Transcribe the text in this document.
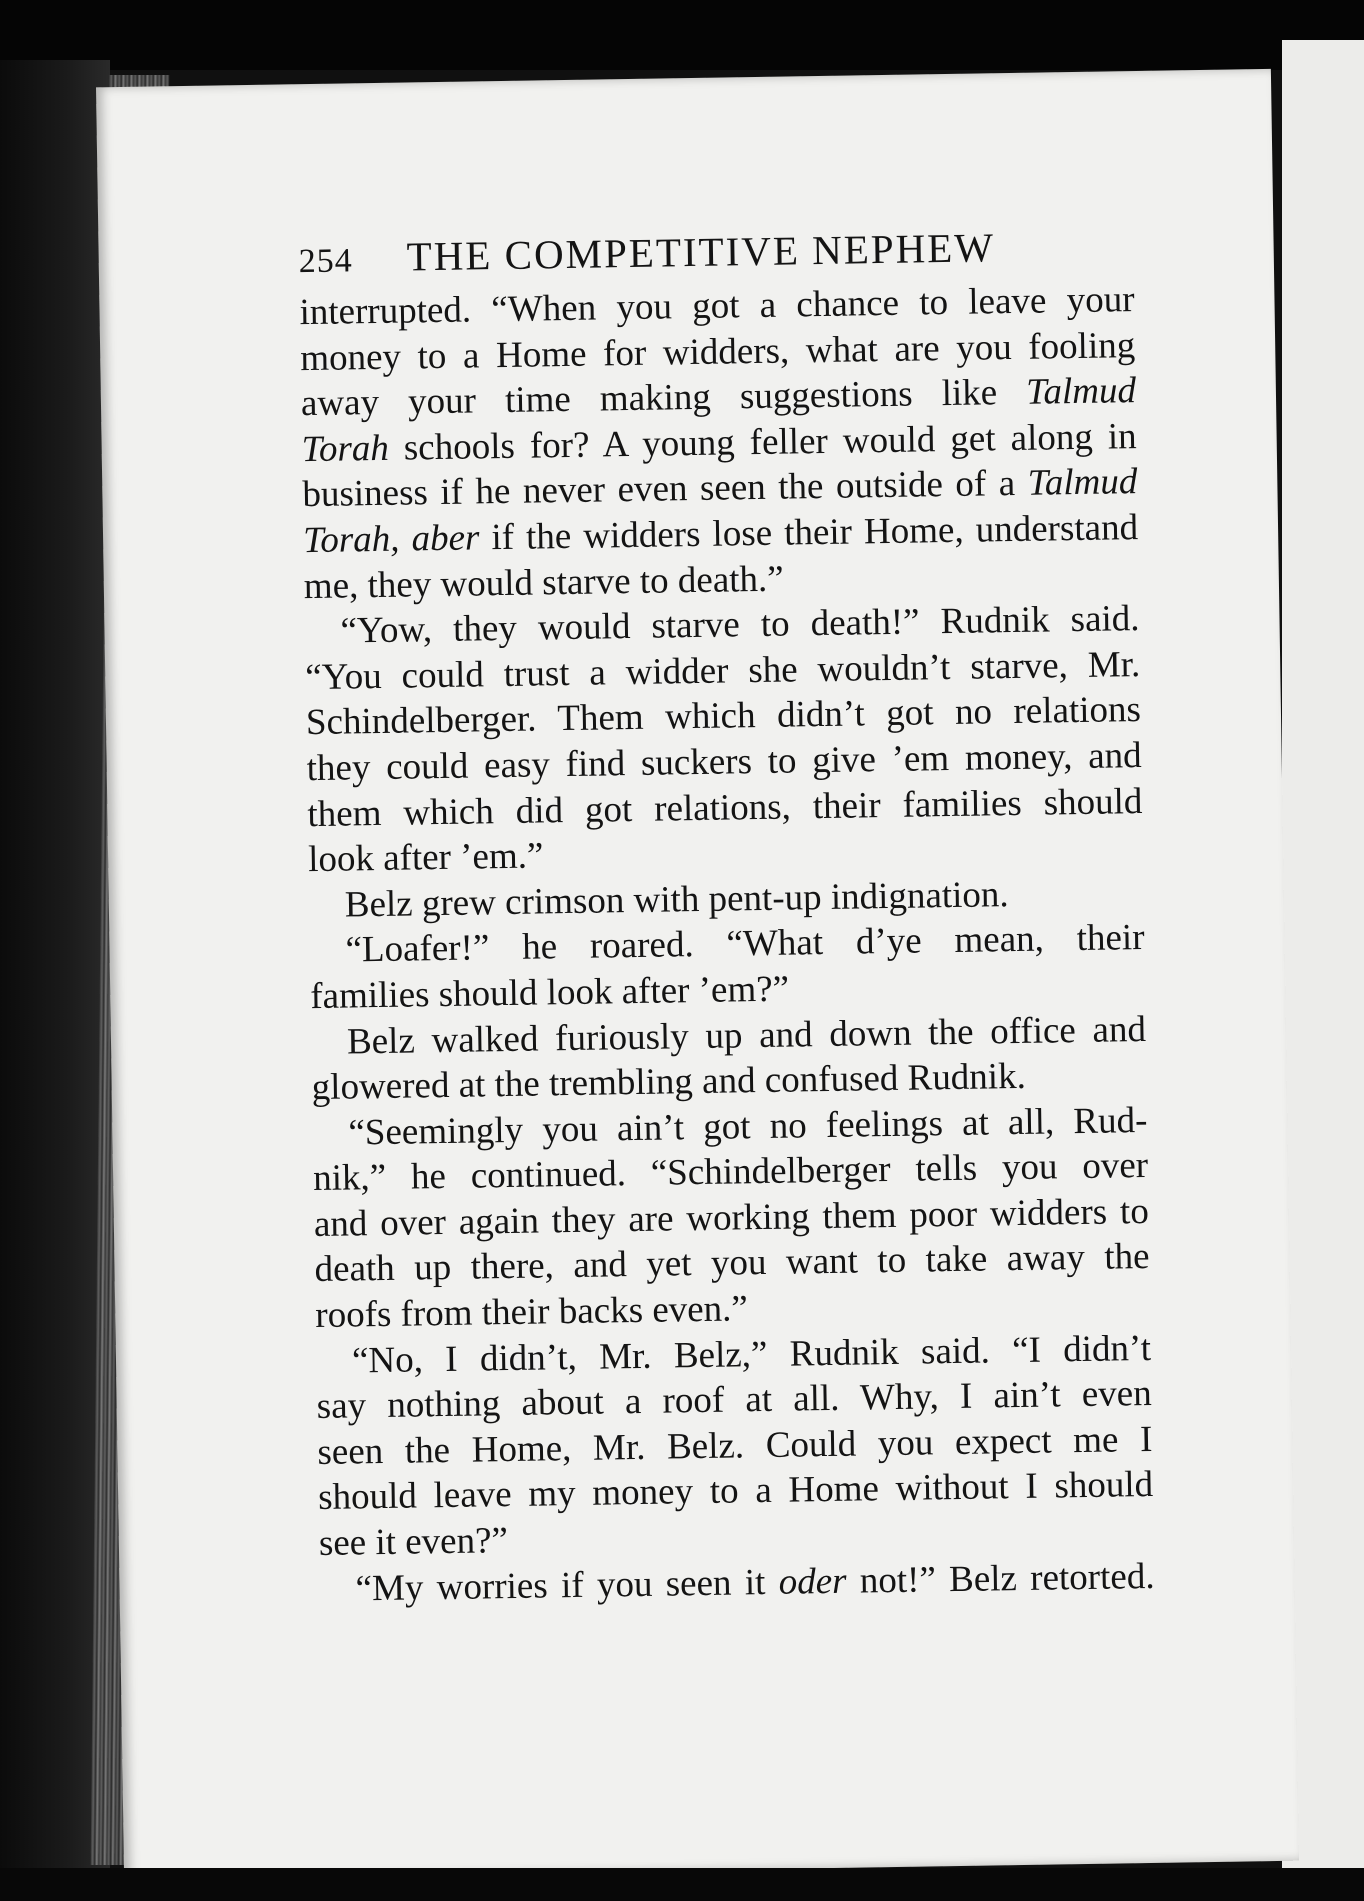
254	THE COMPETITIVE NEPHEW
interrupted. “When you got a chance to leave your
money to a Home for widders, what are you fooling
away your time making suggestions like Talmud
Torah schools for? A young feller would get along in
business if he never even seen the outside of a Talmud
Torah, aber if the widders lose their Home, understand
me, they would starve to death.”
“Yow, they would starve to death!” Rudnik said.
“You could trust a widder she wouldn’t starve, Mr.
Schindelberger. Them which didn’t got no relations
they could easy find suckers to give ’em money, and
them which did got relations, their families should
look after ’em.”
Belz grew crimson with pent-up indignation.
“Loafer!” he roared. “What d’ye mean, their
families should look after ’em?”
Belz walked furiously up and down the office and
glowered at the trembling and confused Rudnik.
“Seemingly you ain’t got no feelings at all, Rud-
nik,” he continued. “Schindelberger tells you over
and over again they are working them poor widders to
death up there, and yet you want to take away the
roofs from their backs even.”
“No, I didn’t, Mr. Belz,” Rudnik said. “I didn’t
say nothing about a roof at all. Why, I ain’t even
seen the Home, Mr. Belz. Could you expect me I
should leave my money to a Home without I should
see it even?”
“My worries if you seen it oder not!” Belz retorted.
